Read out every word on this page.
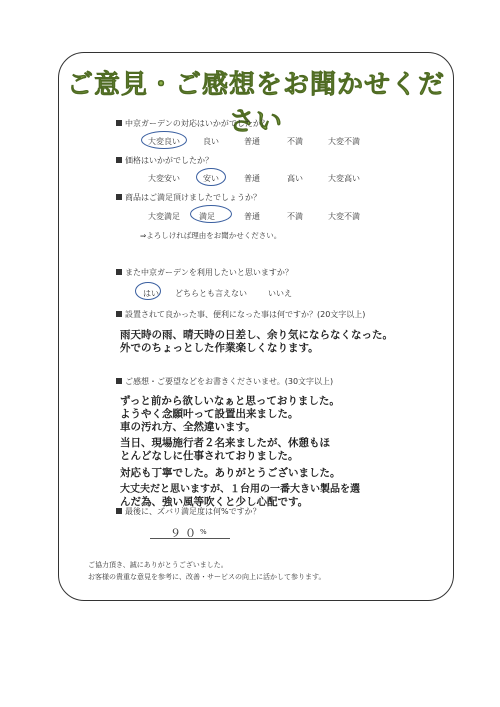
ご意見・ご感想をお聞かせください
中京ガーデンの対応はいかがでしたか？
大変良い	良い	普通	不満	大変不満
価格はいかがでしたか？
大変安い	安い	普通	高い	大変高い
商品はご満足頂けましたでしょうか？
大変満足 満足	普通	不満	大変不満
⇒よろしければ理由をお聞かせください。
また中京ガーデンを利用したいと思いますか？
はい どちらとも言えない	いいえ
設置されて良かった事、便利になった事は何ですか？(20文字以上)
雨天時の雨、晴天時の日差し、余り気にならなくなった。
外でのちょっとした作業楽しくなります。
ご感想・ご要望などをお書きくださいませ。(30文字以上)
ずっと前から欲しいなぁと思っておりました。
ようやく念願叶って設置出来ました。
車の汚れ方、全然違います。
当日、現場施行者２名来ましたが、休憩もほ
とんどなしに仕事されておりました。
対応も丁寧でした。ありがとうございました。
大丈夫だと思いますが、１台用の一番大きい製品を選
んだ為、強い風等吹くと少し心配です。
最後に、ズバリ満足度は何%ですか？
９０ %
ご協力頂き、誠にありがとうございました。
お客様の貴重な意見を参考に、改善・サービスの向上に活かして参ります。
